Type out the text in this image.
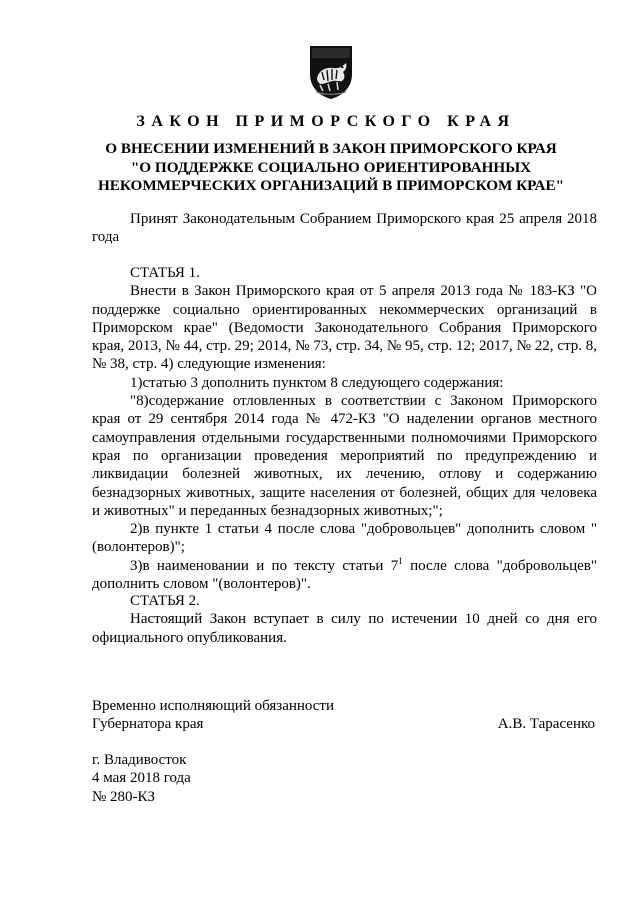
ЗАКОН ПРИМОРСКОГО КРАЯ
О ВНЕСЕНИИ ИЗМЕНЕНИЙ В ЗАКОН ПРИМОРСКОГО КРАЯ
"О ПОДДЕРЖКЕ СОЦИАЛЬНО ОРИЕНТИРОВАННЫХ
НЕКОММЕРЧЕСКИХ ОРГАНИЗАЦИЙ В ПРИМОРСКОМ КРАЕ"

Принят Законодательным Собранием Приморского края 25 апреля 2018 года

СТАТЬЯ 1.

Внести в Закон Приморского края от 5 апреля 2013 года № 183-КЗ "О поддержке социально ориентированных некоммерческих организаций в Приморском крае" (Ведомости Законодательного Собрания Приморского края, 2013, № 44, стр. 29; 2014, № 73, стр. 34, № 95, стр. 12; 2017, № 22, стр. 8, № 38, стр. 4) следующие изменения:

1)статью 3 дополнить пунктом 8 следующего содержания:

"8)содержание отловленных в соответствии с Законом Приморского края от 29 сентября 2014 года № 472-КЗ "О наделении органов местного самоуправления отдельными государственными полномочиями Приморского края по организации проведения мероприятий по предупреждению и ликвидации болезней животных, их лечению, отлову и содержанию безнадзорных животных, защите населения от болезней, общих для человека и животных" и переданных безнадзорных животных;";

2)в пункте 1 статьи 4 после слова "добровольцев" дополнить словом "(волонтеров)";

3)в наименовании и по тексту статьи $7^1$ после слова "добровольцев" дополнить словом "(волонтеров)".

СТАТЬЯ 2.

Настоящий Закон вступает в силу по истечении 10 дней со дня его официального опубликования.

Временно исполняющий обязанности
Губернатора края	А.В. Тарасенко
г. Владивосток
4 мая 2018 года
№ 280-КЗ
